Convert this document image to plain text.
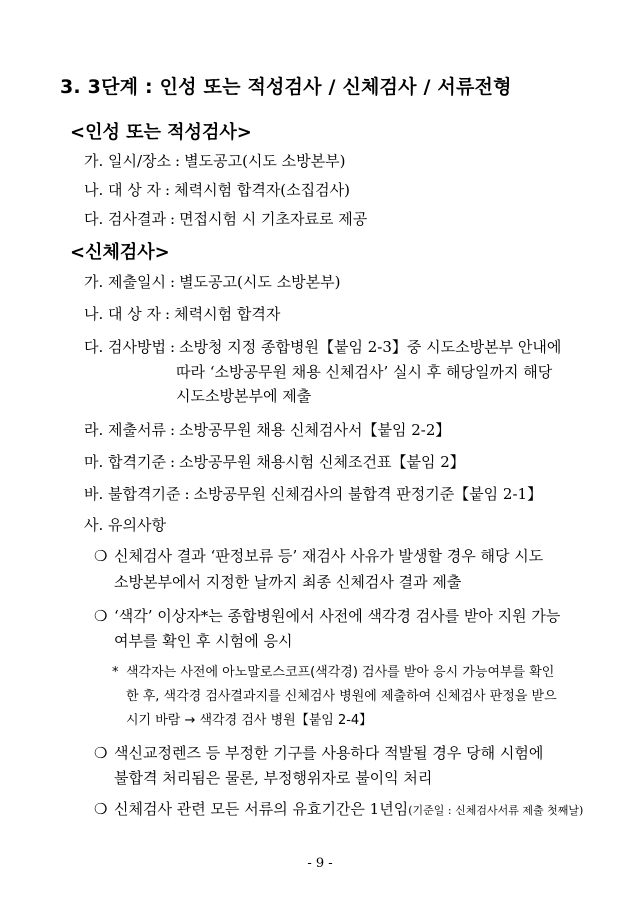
3. 3단계 : 인성 또는 적성검사 / 신체검사 / 서류전형
<인성 또는 적성검사>
가. 일시/장소 : 별도공고(시도 소방본부)
나. 대 상 자 : 체력시험 합격자(소집검사)
다. 검사결과 : 면접시험 시 기초자료로 제공
<신체검사>
가. 제출일시 : 별도공고(시도 소방본부)
나. 대 상 자 : 체력시험 합격자
다. 검사방법 : 소방청 지정 종합병원【붙임 2-3】중 시도소방본부 안내에
따라 ‘소방공무원 채용 신체검사’ 실시 후 해당일까지 해당
시도소방본부에 제출
라. 제출서류 : 소방공무원 채용 신체검사서【붙임 2-2】
마. 합격기준 : 소방공무원 채용시험 신체조건표【붙임 2】
바. 불합격기준 : 소방공무원 신체검사의 불합격 판정기준【붙임 2-1】
사. 유의사항
❍ 신체검사 결과 ‘판정보류 등’ 재검사 사유가 발생할 경우 해당 시도
소방본부에서 지정한 날까지 최종 신체검사 결과 제출
❍ ‘색각’ 이상자*는 종합병원에서 사전에 색각경 검사를 받아 지원 가능
여부를 확인 후 시험에 응시
* 색각자는 사전에 아노말로스코프(색각경) 검사를 받아 응시 가능여부를 확인
한 후, 색각경 검사결과지를 신체검사 병원에 제출하여 신체검사 판정을 받으
시기 바람 → 색각경 검사 병원【붙임 2-4】
❍ 색신교정렌즈 등 부정한 기구를 사용하다 적발될 경우 당해 시험에
불합격 처리됨은 물론, 부정행위자로 불이익 처리
❍ 신체검사 관련 모든 서류의 유효기간은 1년임(기준일 : 신체검사서류 제출 첫째날)
- 9 -
